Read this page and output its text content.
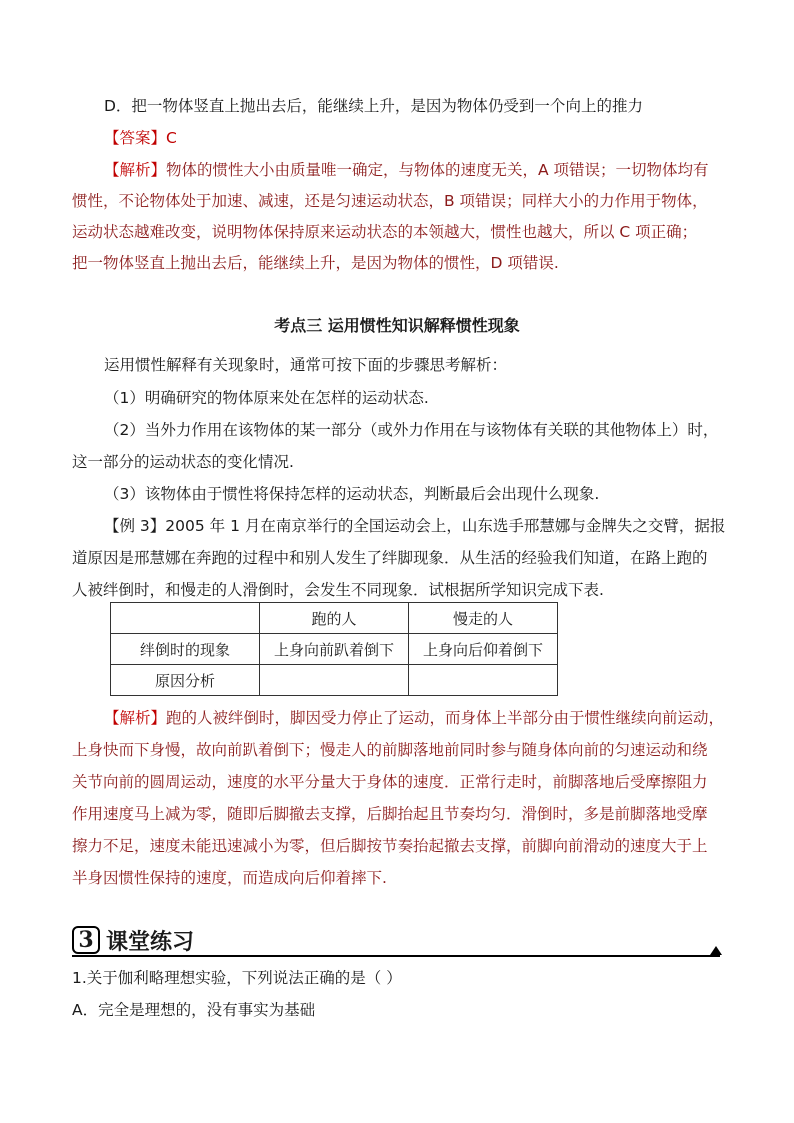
D．把一物体竖直上抛出去后，能继续上升，是因为物体仍受到一个向上的推力
【答案】C
【解析】物体的惯性大小由质量唯一确定，与物体的速度无关，A 项错误；一切物体均有
惯性，不论物体处于加速、减速，还是匀速运动状态，B 项错误；同样大小的力作用于物体，
运动状态越难改变，说明物体保持原来运动状态的本领越大，惯性也越大，所以 C 项正确；
把一物体竖直上抛出去后，能继续上升，是因为物体的惯性，D 项错误.
考点三 运用惯性知识解释惯性现象
运用惯性解释有关现象时，通常可按下面的步骤思考解析：
（1）明确研究的物体原来处在怎样的运动状态.
（2）当外力作用在该物体的某一部分（或外力作用在与该物体有关联的其他物体上）时，
这一部分的运动状态的变化情况.
（3）该物体由于惯性将保持怎样的运动状态，判断最后会出现什么现象.
【例 3】2005 年 1 月在南京举行的全国运动会上，山东选手邢慧娜与金牌失之交臂，据报
道原因是邢慧娜在奔跑的过程中和别人发生了绊脚现象．从生活的经验我们知道，在路上跑的
人被绊倒时，和慢走的人滑倒时，会发生不同现象．试根据所学知识完成下表.
	跑的人	慢走的人
绊倒时的现象	上身向前趴着倒下	上身向后仰着倒下
原因分析		
【解析】跑的人被绊倒时，脚因受力停止了运动，而身体上半部分由于惯性继续向前运动，
上身快而下身慢，故向前趴着倒下；慢走人的前脚落地前同时参与随身体向前的匀速运动和绕
关节向前的圆周运动，速度的水平分量大于身体的速度．正常行走时，前脚落地后受摩擦阻力
作用速度马上减为零，随即后脚撤去支撑，后脚抬起且节奏均匀．滑倒时，多是前脚落地受摩
擦力不足，速度未能迅速减小为零，但后脚按节奏抬起撤去支撑，前脚向前滑动的速度大于上
半身因惯性保持的速度，而造成向后仰着摔下.
3 课堂练习
1.关于伽利略理想实验，下列说法正确的是（ ）
A．完全是理想的，没有事实为基础
